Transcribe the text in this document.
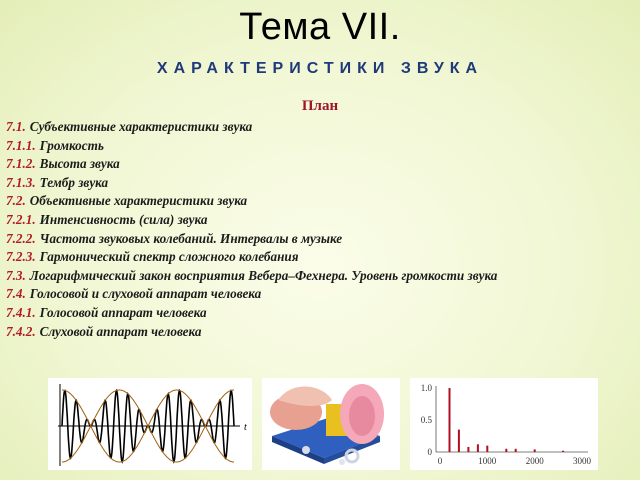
Тема VII.
ХАРАКТЕРИСТИКИ ЗВУКА
План
7.1. Субъективные характеристики звука
7.1.1. Громкость
7.1.2. Высота звука
7.1.3. Тембр звука
7.2. Объективные характеристики звука
7.2.1. Интенсивность (сила) звука
7.2.2. Частота звуковых колебаний. Интервалы в музыке
7.2.3. Гармонический спектр сложного колебания
7.3. Логарифмический закон восприятия Вебера–Фехнера. Уровень громкости звука
7.4. Голосовой и слуховой аппарат человека
7.4.1. Голосовой аппарат человека
7.4.2. Слуховой аппарат человека
t
0	1000	2000	3000
0
0.5
1.0
